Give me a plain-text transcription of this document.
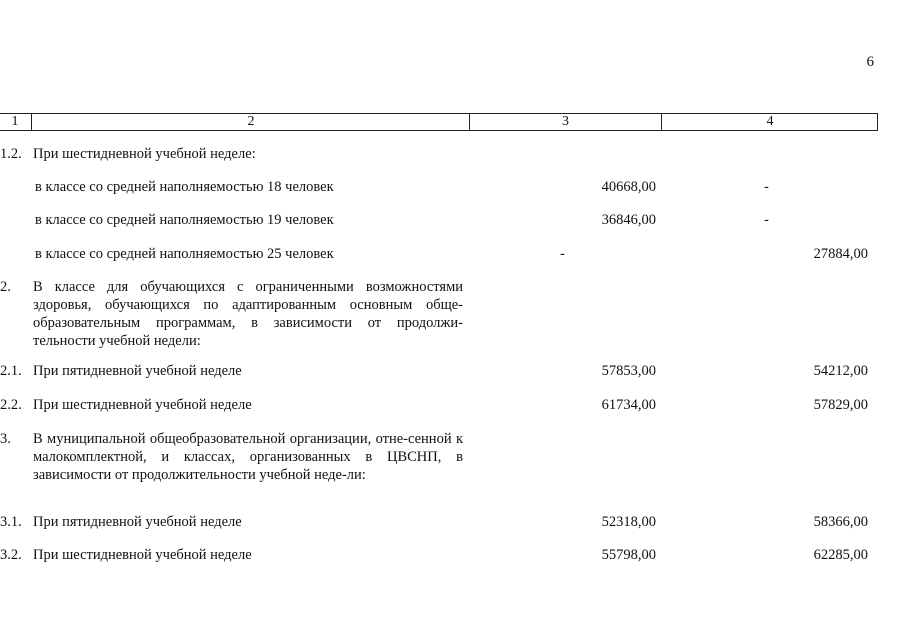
6
1	2	3	4
1.2. При шестидневной учебной неделе:
в классе со средней наполняемостью 18 человек	40668,00	-
в классе со средней наполняемостью 19 человек	36846,00	-
в классе со средней наполняемостью 25 человек	-	27884,00
2.	В классе для обучающихся с ограниченными возможностями здоровья, обучающихся по адаптированным основным обще-образовательным программам, в зависимости от продолжи-тельности учебной недели:
2.1. При пятидневной учебной неделе	57853,00	54212,00
2.2. При шестидневной учебной неделе	61734,00	57829,00
3.	В муниципальной общеобразовательной организации, отне-сенной к малокомплектной, и классах, организованных в ЦВСНП, в зависимости от продолжительности учебной неде-ли:
3.1. При пятидневной учебной неделе	52318,00	58366,00
3.2. При шестидневной учебной неделе	55798,00	62285,00
